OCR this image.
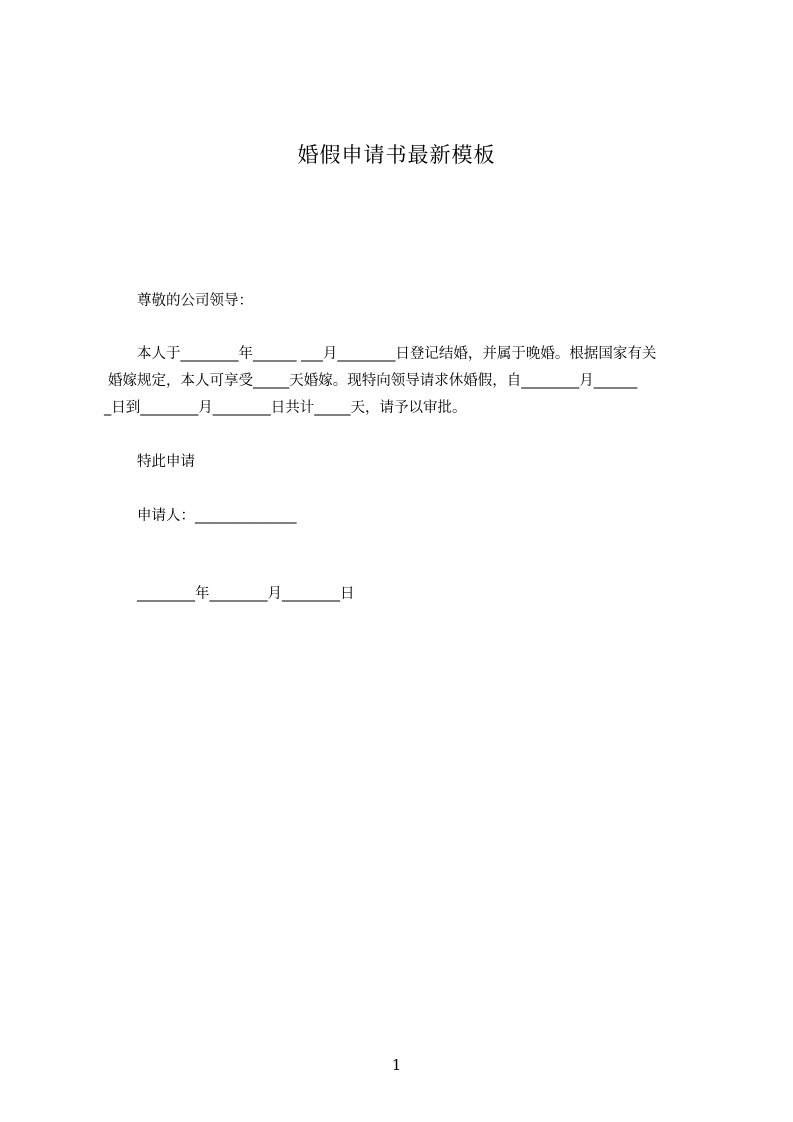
婚假申请书最新模板
尊敬的公司领导：
本人于________年______ ___月________日登记结婚，并属于晚婚。根据国家有关
婚嫁规定，本人可享受_____天婚嫁。现特向领导请求休婚假，自________月______
_日到________月________日共计_____天，请予以审批。
特此申请
申请人：______________
________年________月________日
1
